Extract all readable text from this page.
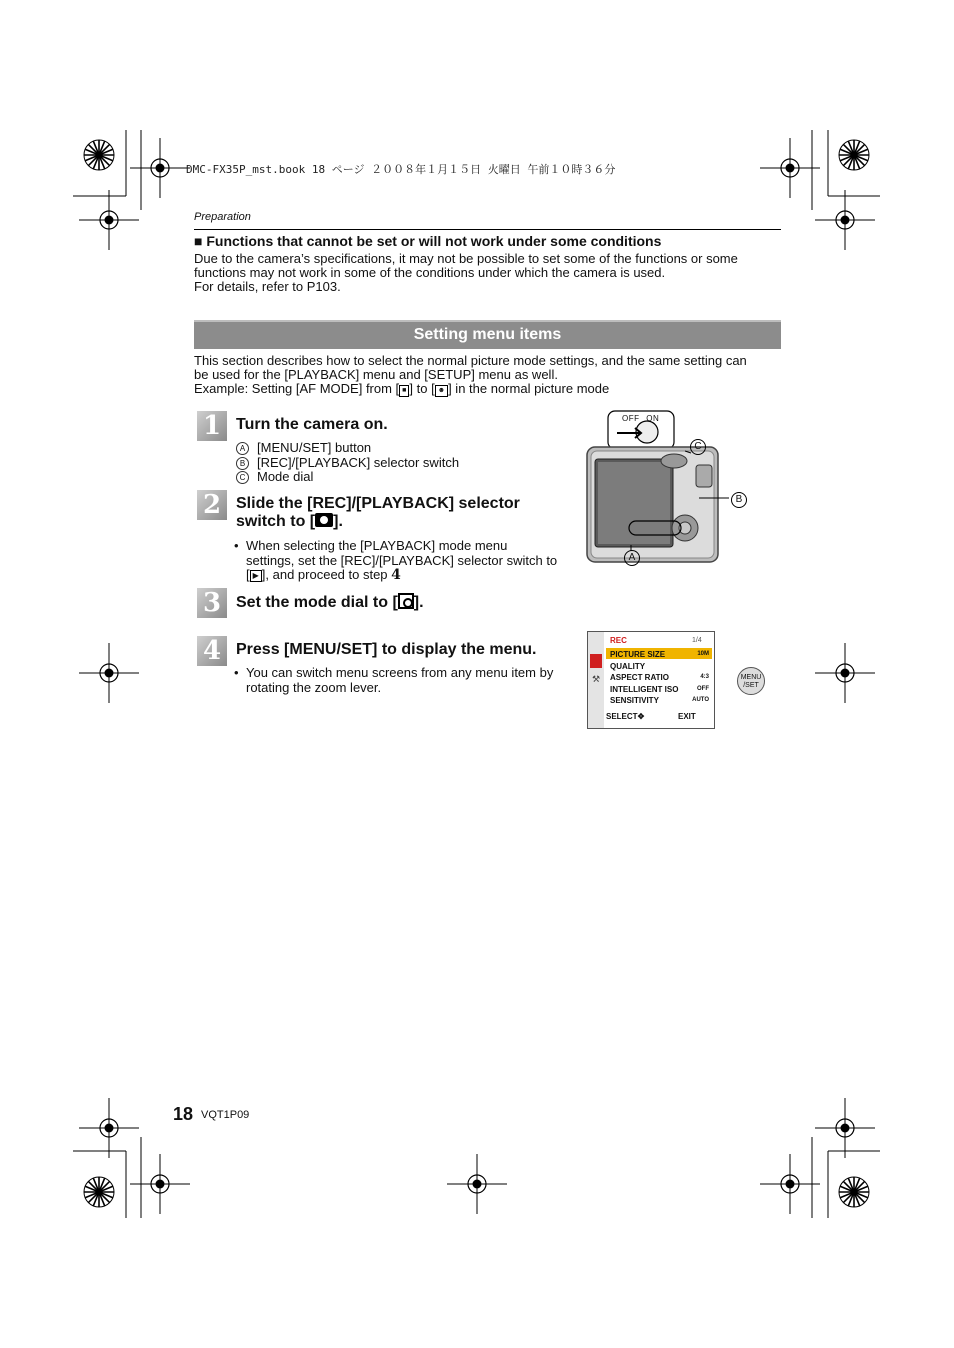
DMC-FX35P_mst.book 18 ページ ２００８年１月１５日 火曜日 午前１０時３６分
Preparation
■ Functions that cannot be set or will not work under some conditions
Due to the camera’s specifications, it may not be possible to set some of the functions or some
functions may not work in some of the conditions under which the camera is used.
For details, refer to P103.
Setting menu items
This section describes how to select the normal picture mode settings, and the same setting can
be used for the [PLAYBACK] menu and [SETUP] menu as well.
Example: Setting [AF MODE] from [ ■ ] to [ ☻ ] in the normal picture mode
1 Turn the camera on.
A [MENU/SET] button
B [REC]/[PLAYBACK] selector switch
C Mode dial
2 Slide the [REC]/[PLAYBACK] selector
switch to [ ].
• When selecting the [PLAYBACK] mode menu
settings, set the [REC]/[PLAYBACK] selector switch to
[ ▶ ], and proceed to step 4
3 Set the mode dial to [ ].
4 Press [MENU/SET] to display the menu.
• You can switch menu screens from any menu item by
rotating the zoom lever.
OFF ON
C
B
A
⚒
REC	1/4
PICTURE SIZE	10M
QUALITY
ASPECT RATIO	4:3
INTELLIGENT ISO	OFF
SENSITIVITY	AUTO
SELECT✥	EXIT
MENU
/SET
18 VQT1P09
